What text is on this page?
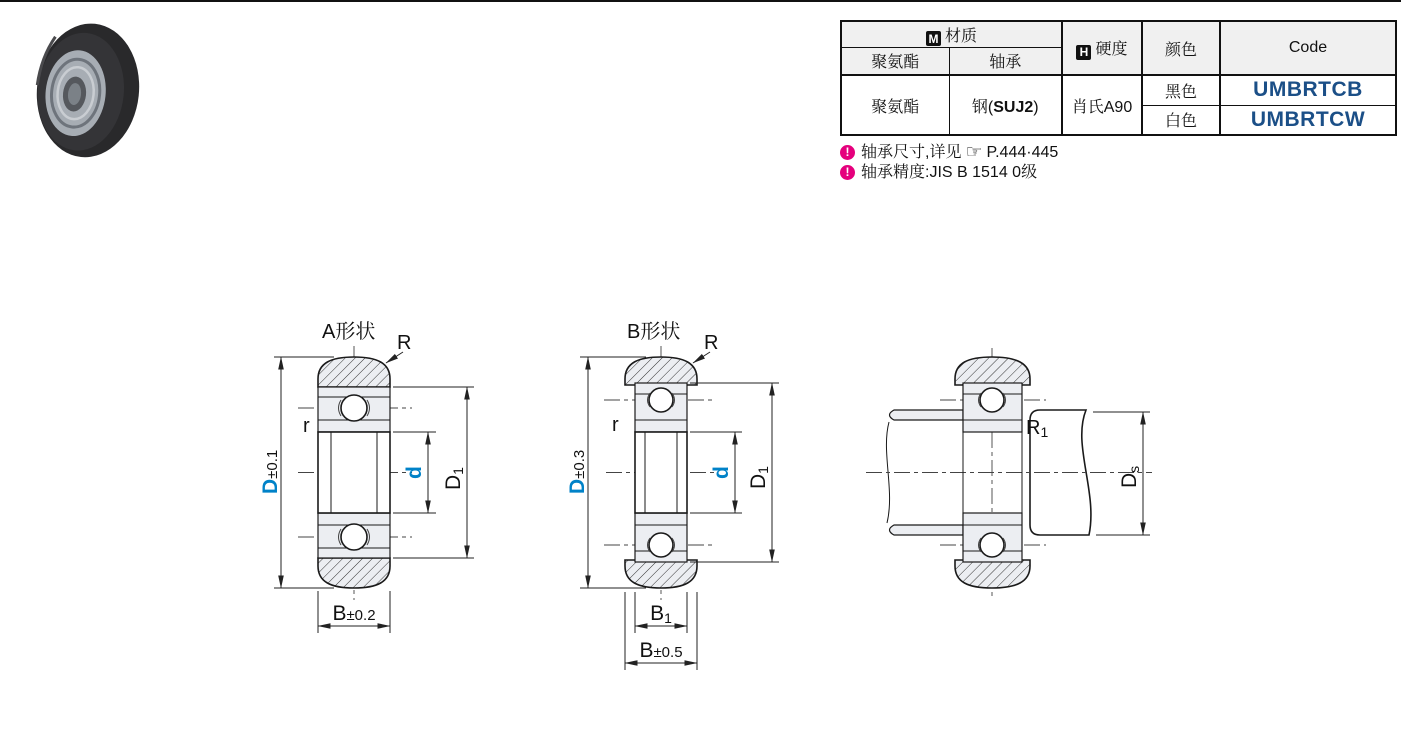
M 材质		H 硬度	颜色	Code
聚氨酯	轴承			
聚氨酯	钢(SUJ2)	肖氏A90	黑色	UMBRTCB
			白色	UMBRTCW
! 轴承尺寸,详见 ☞ P.444·445
! 轴承精度:JIS B 1514 0级
D±0.1
D1
d
B±0.2
R
r
A形状
D±0.3
D1
d
B1
B±0.5
R
r
B形状
Ds
R1
